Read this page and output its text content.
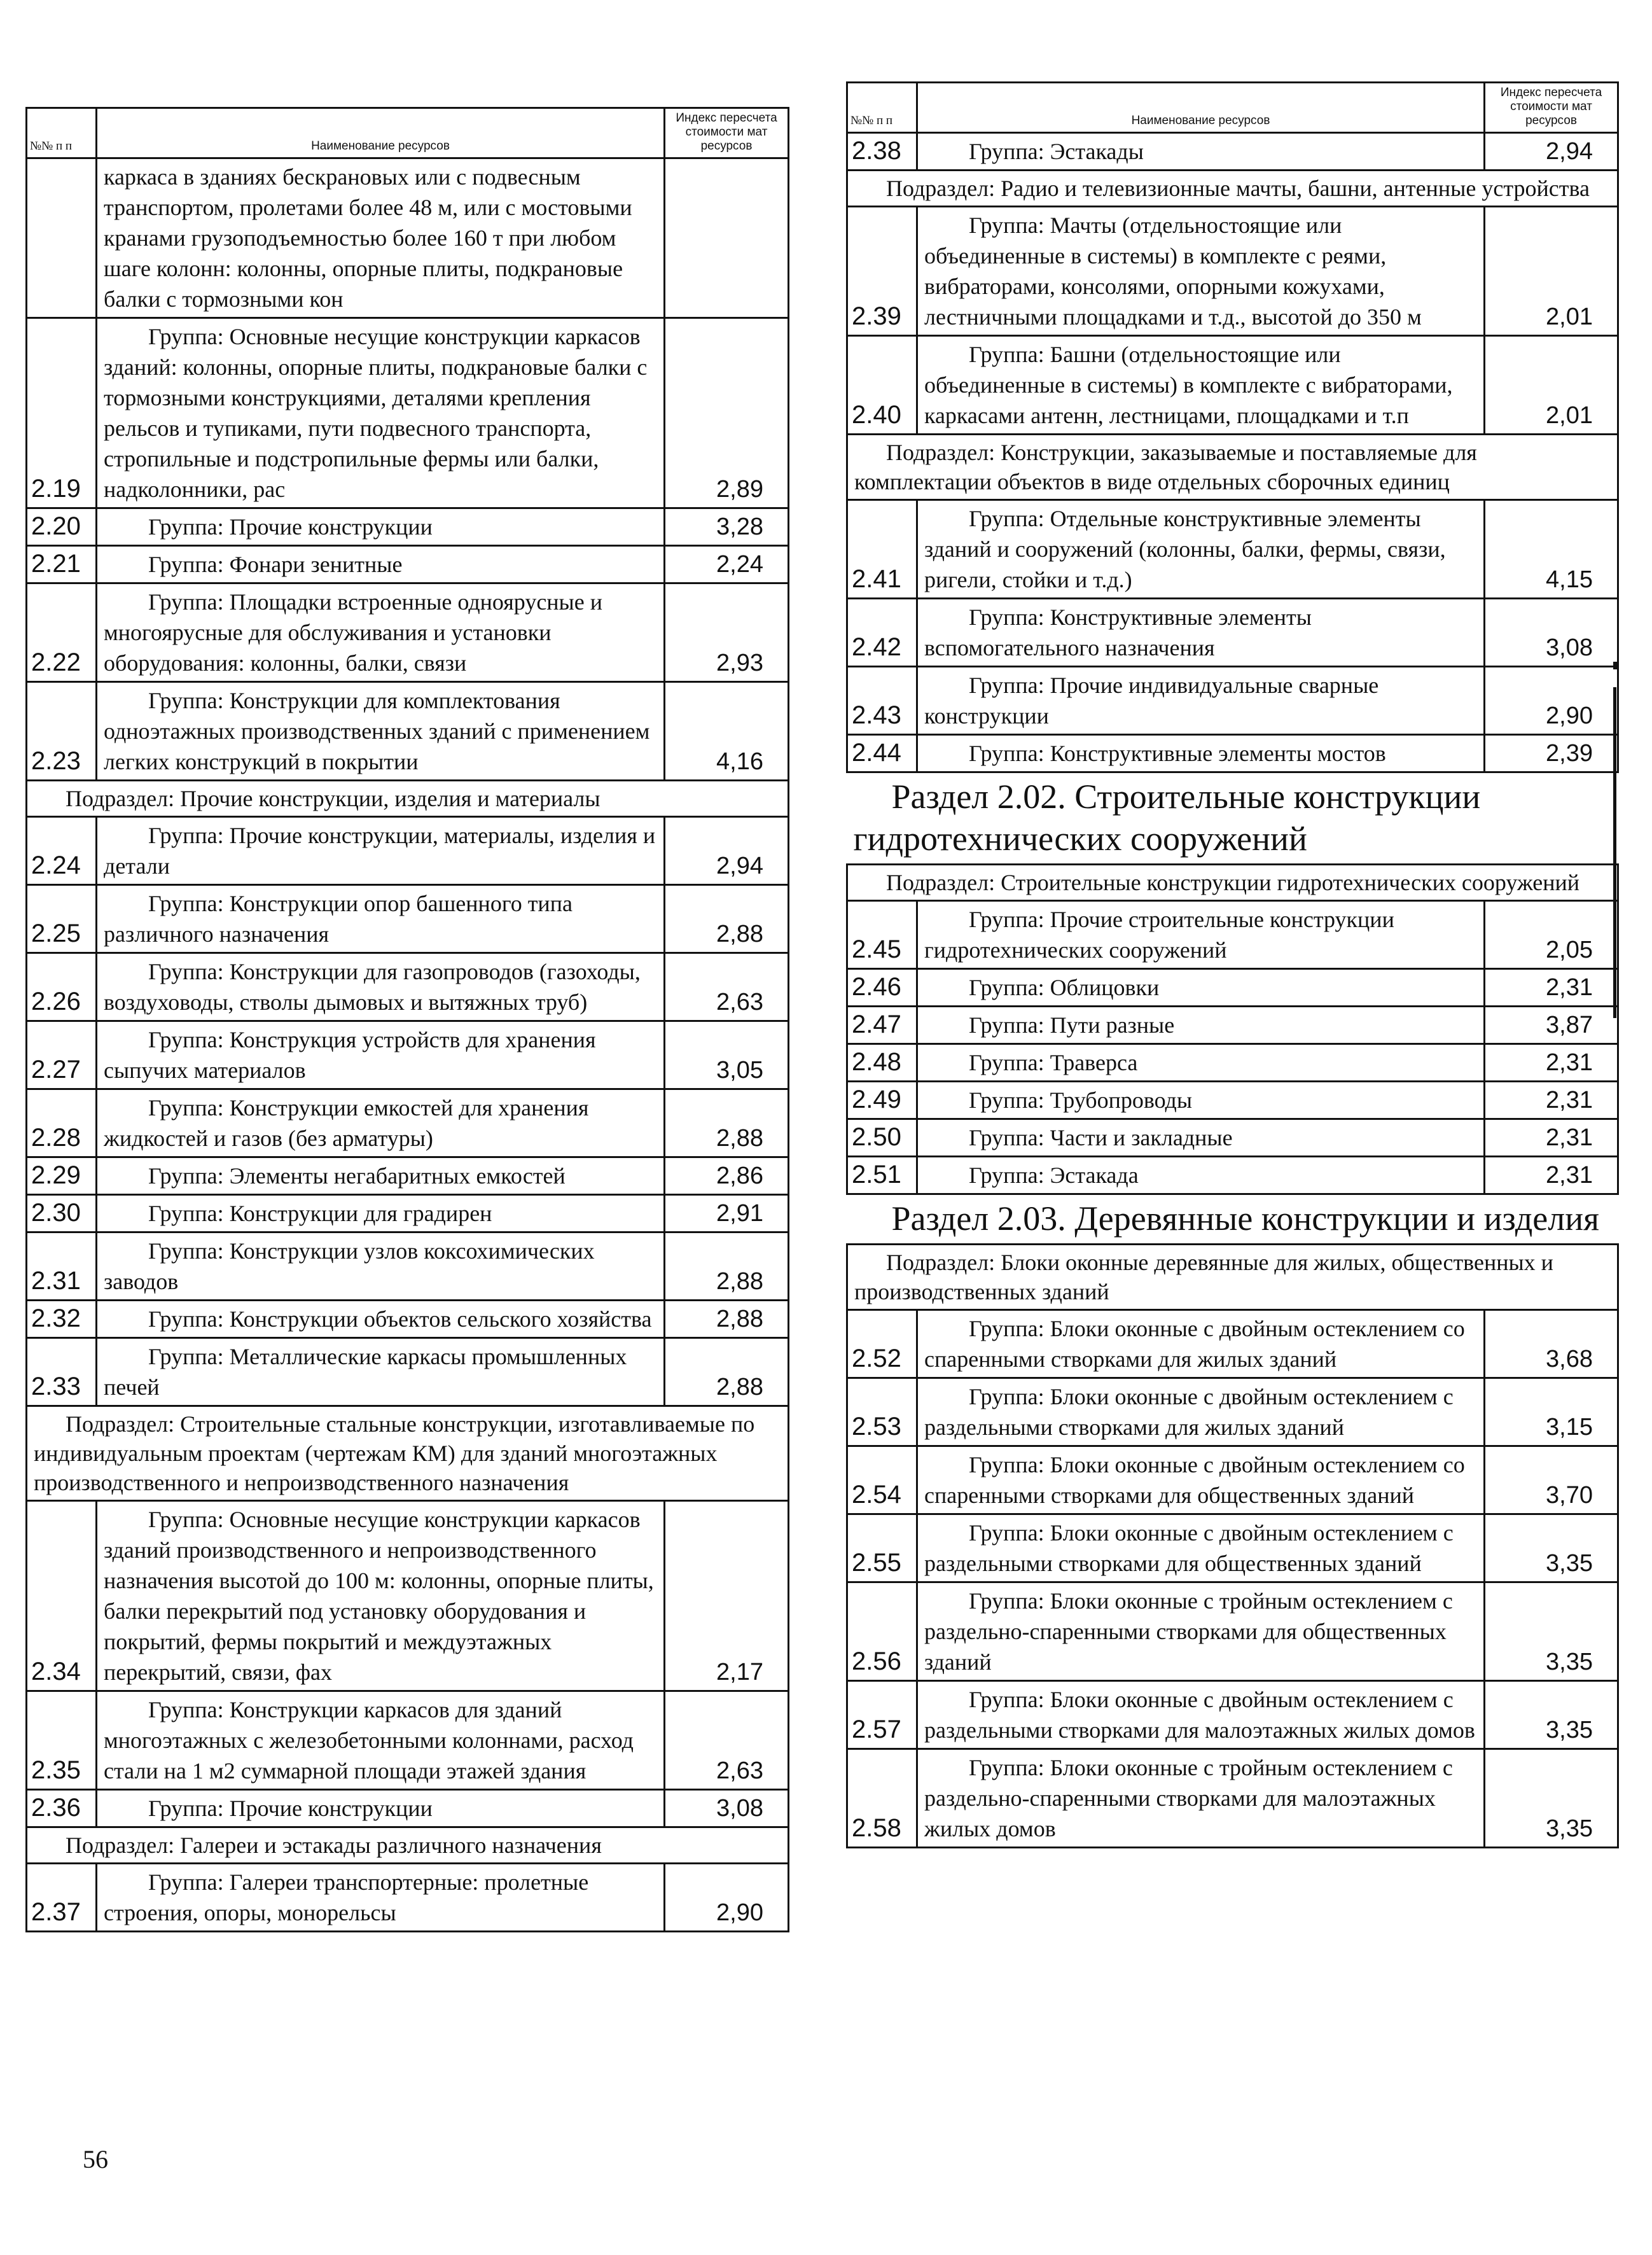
№№ п п	Наименование ресурсов	Индекс пересчета стоимости мат ресурсов

	каркаса в зданиях бескрановых или с подвесным транспортом, пролетами более 48 м, или с мостовыми кранами грузоподъемностью более 160 т при любом шаге колонн: колонны, опорные плиты, подкрановые балки с тормозными кон	

2.19	Группа: Основные несущие конструкции каркасов зданий: колонны, опорные плиты, подкрановые балки с тормозными конструкциями, деталями крепления рельсов и тупиками, пути подвесного транспорта, стропильные и подстропильные фермы или балки, надколонники, рас	2,89
2.20	Группа: Прочие конструкции	3,28
2.21	Группа: Фонари зенитные	2,24
2.22	Группа: Площадки встроенные одноярусные и многоярусные для обслуживания и установки оборудования: колонны, балки, связи	2,93
2.23	Группа: Конструкции для комплектования одноэтажных производственных зданий с применением легких конструкций в покрытии	4,16

Подраздел: Прочие конструкции, изделия и материалы		

2.24	Группа: Прочие конструкции, материалы, изделия и детали	2,94
2.25	Группа: Конструкции опор башенного типа различного назначения	2,88
2.26	Группа: Конструкции для газопроводов (газоходы, воздуховоды, стволы дымовых и вытяжных труб)	2,63
2.27	Группа: Конструкция устройств для хранения сыпучих материалов	3,05
2.28	Группа: Конструкции емкостей для хранения жидкостей и газов (без арматуры)	2,88
2.29	Группа: Элементы негабаритных емкостей	2,86
2.30	Группа: Конструкции для градирен	2,91
2.31	Группа: Конструкции узлов коксохимических заводов	2,88
2.32	Группа: Конструкции объектов сельского хозяйства	2,88
2.33	Группа: Металлические каркасы промышленных печей	2,88

Подраздел: Строительные стальные конструкции, изготавливаемые по индивидуальным проектам (чертежам КМ) для зданий многоэтажных производственного и непроизводственного назначения		

2.34	Группа: Основные несущие конструкции каркасов зданий производственного и непроизводственного назначения высотой до 100 м: колонны, опорные плиты, балки перекрытий под установку оборудования и покрытий, фермы покрытий и междуэтажных перекрытий, связи, фах	2,17
2.35	Группа: Конструкции каркасов для зданий многоэтажных с железобетонными колоннами, расход стали на 1 м2 суммарной площади этажей здания	2,63
2.36	Группа: Прочие конструкции	3,08

Подраздел: Галереи и эстакады различного назначения		

2.37	Группа: Галереи транспортерные: пролетные строения, опоры, монорельсы	2,90
№№ п п	Наименование ресурсов	Индекс пересчета стоимости мат ресурсов
2.38	Группа: Эстакады	2,94

Подраздел: Радио и телевизионные мачты, башни, антенные устройства		

2.39	Группа: Мачты (отдельностоящие или объединенные в системы) в комплекте с реями, вибраторами, консолями, опорными кожухами, лестничными площадками и т.д., высотой до 350 м	2,01
2.40	Группа: Башни (отдельностоящие или объединенные в системы) в комплекте с вибраторами, каркасами антенн, лестницами, площадками и т.п	2,01

Подраздел: Конструкции, заказываемые и поставляемые для комплектации объектов в виде отдельных сборочных единиц		

2.41	Группа: Отдельные конструктивные элементы зданий и сооружений (колонны, балки, фермы, связи, ригели, стойки и т.д.)	4,15
2.42	Группа: Конструктивные элементы вспомогательного назначения	3,08
2.43	Группа: Прочие индивидуальные сварные конструкции	2,90
2.44	Группа: Конструктивные элементы мостов	2,39

Раздел 2.02. Строительные конструкции гидротехнических сооружений		

Подраздел: Строительные конструкции гидротехнических сооружений		

2.45	Группа: Прочие строительные конструкции гидротехнических сооружений	2,05
2.46	Группа: Облицовки	2,31
2.47	Группа: Пути разные	3,87
2.48	Группа: Траверса	2,31
2.49	Группа: Трубопроводы	2,31
2.50	Группа: Части и закладные	2,31
2.51	Группа: Эстакада	2,31

Раздел 2.03. Деревянные конструкции и изделия		

Подраздел: Блоки оконные деревянные для жилых, общественных и производственных зданий		

2.52	Группа: Блоки оконные с двойным остеклением со спаренными створками для жилых зданий	3,68
2.53	Группа: Блоки оконные с двойным остеклением с раздельными створками для жилых зданий	3,15
2.54	Группа: Блоки оконные с двойным остеклением со спаренными створками для общественных зданий	3,70
2.55	Группа: Блоки оконные с двойным остеклением с раздельными створками для общественных зданий	3,35
2.56	Группа: Блоки оконные с тройным остеклением с раздельно-спаренными створками для общественных зданий	3,35
2.57	Группа: Блоки оконные с двойным остеклением с раздельными створками для малоэтажных жилых домов	3,35
2.58	Группа: Блоки оконные с тройным остеклением с раздельно-спаренными створками для малоэтажных жилых домов	3,35
56
